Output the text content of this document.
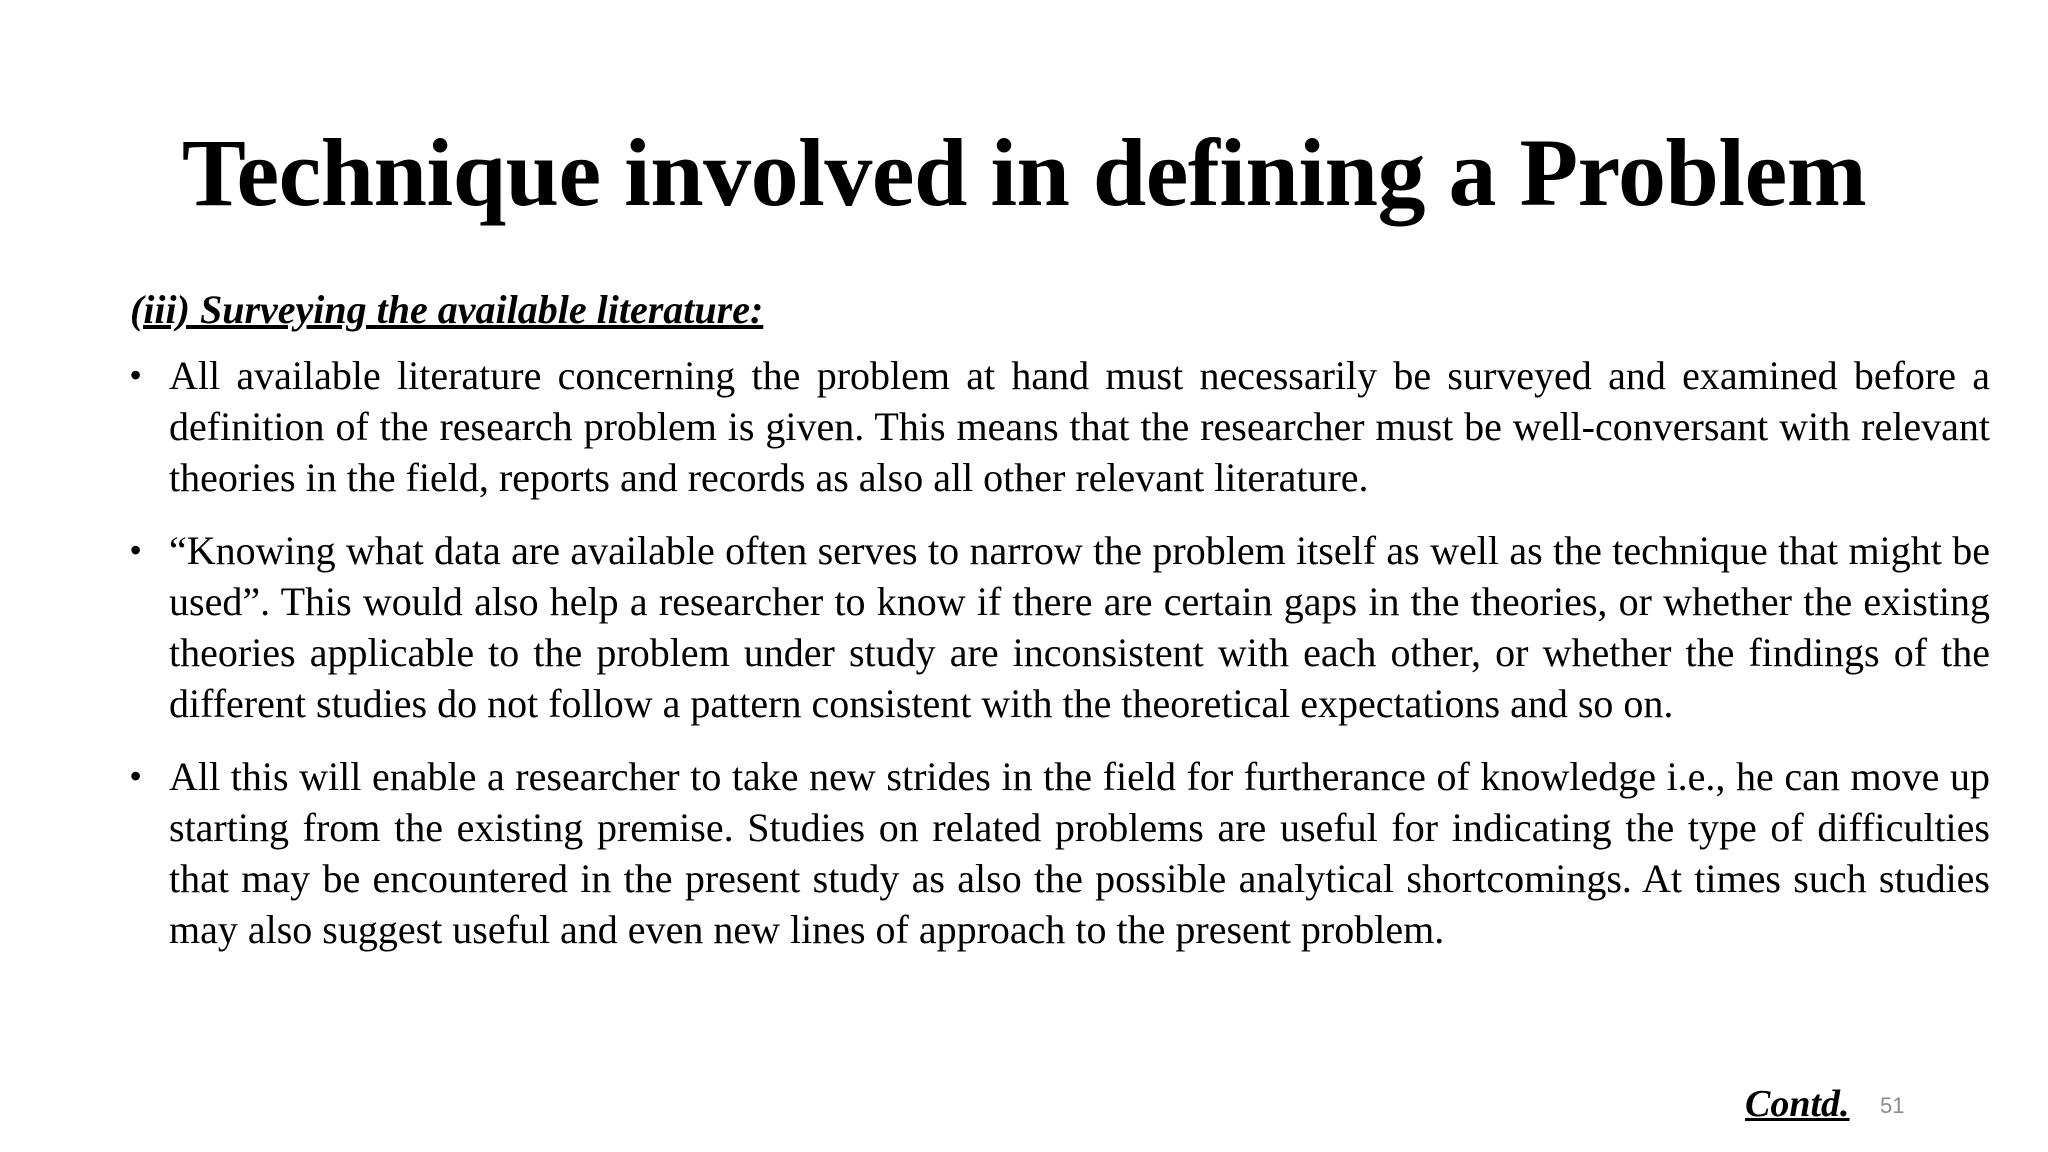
Technique involved in defining a Problem
(iii) Surveying the available literature:
• All available literature concerning the problem at hand must necessarily be surveyed and examined before a definition of the research problem is given. This means that the researcher must be well-conversant with relevant theories in the field, reports and records as also all other relevant literature.
• “Knowing what data are available often serves to narrow the problem itself as well as the technique that might be used”. This would also help a researcher to know if there are certain gaps in the theories, or whether the existing theories applicable to the problem under study are inconsistent with each other, or whether the findings of the different studies do not follow a pattern consistent with the theoretical expectations and so on.
• All this will enable a researcher to take new strides in the field for furtherance of knowledge i.e., he can move up starting from the existing premise. Studies on related problems are useful for indicating the type of difficulties that may be encountered in the present study as also the possible analytical shortcomings. At times such studies may also suggest useful and even new lines of approach to the present problem.
Contd. 51
